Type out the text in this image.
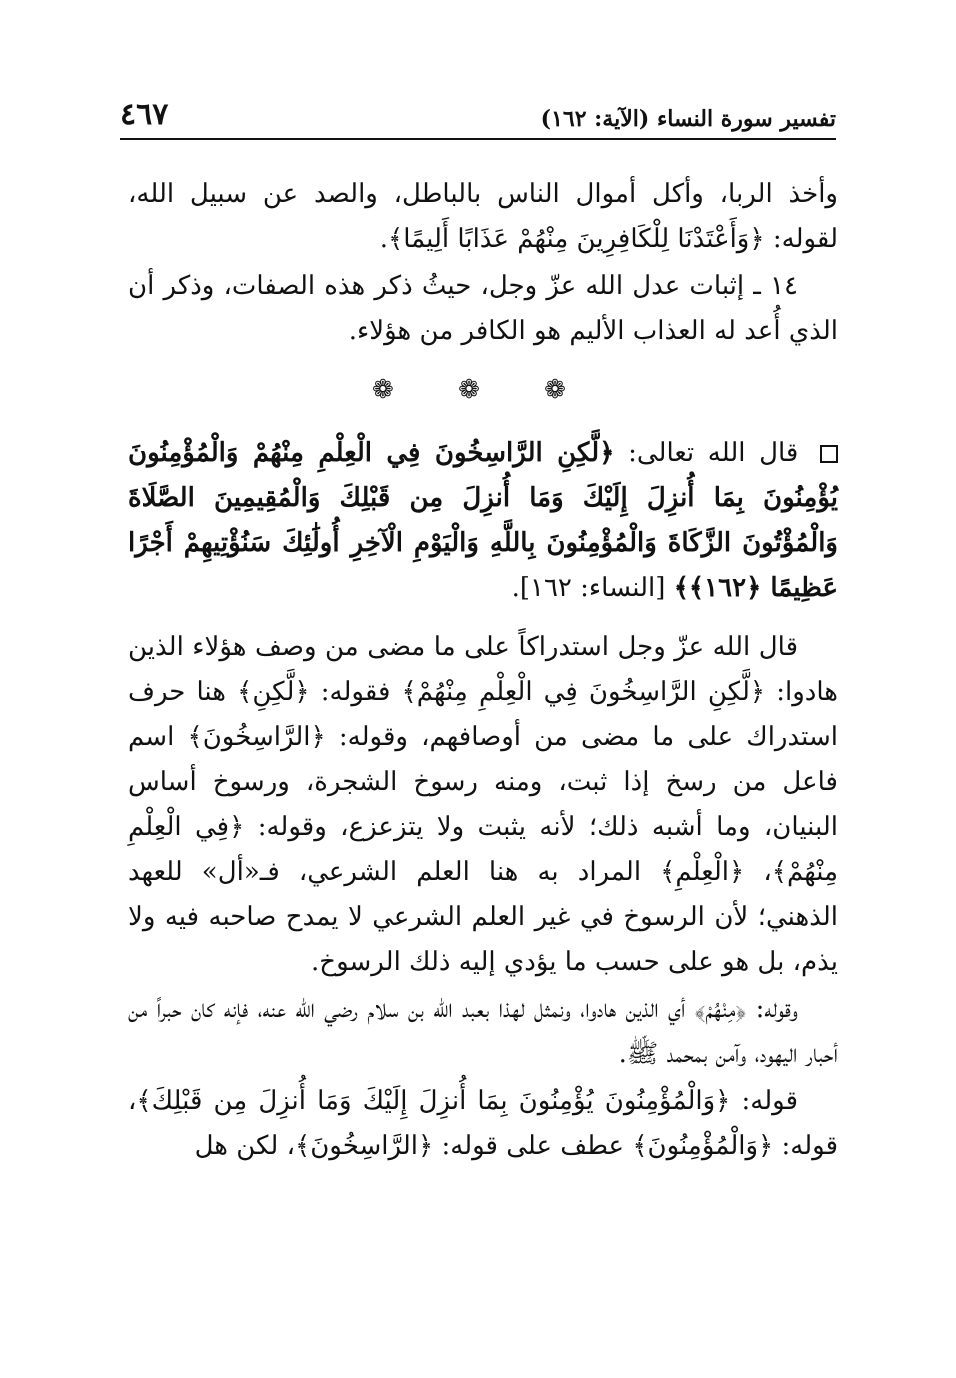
٤٦٧	تفسير سورة النساء (الآية: ١٦٢)

وأخذ الربا، وأكل أموال الناس بالباطل، والصد عن سبيل الله، لقوله: ﴿وَأَعْتَدْنَا لِلْكَافِرِينَ مِنْهُمْ عَذَابًا أَلِيمًا﴾.

١٤ ـ إثبات عدل الله عزّ وجل، حيثُ ذكر هذه الصفات، وذكر أن الذي أُعد له العذاب الأليم هو الكافر من هؤلاء.

❁ ❁ ❁

قال الله تعالى: ﴿لَّكِنِ الرَّاسِخُونَ فِي الْعِلْمِ مِنْهُمْ وَالْمُؤْمِنُونَ يُؤْمِنُونَ بِمَا أُنزِلَ إِلَيْكَ وَمَا أُنزِلَ مِن قَبْلِكَ وَالْمُقِيمِينَ الصَّلَاةَ وَالْمُؤْتُونَ الزَّكَاةَ وَالْمُؤْمِنُونَ بِاللَّهِ وَالْيَوْمِ الْآخِرِ أُولَٰئِكَ سَنُؤْتِيهِمْ أَجْرًا عَظِيمًا ﴿١٦٢﴾﴾ [النساء: ١٦٢].

قال الله عزّ وجل استدراكاً على ما مضى من وصف هؤلاء الذين هادوا: ﴿لَّكِنِ الرَّاسِخُونَ فِي الْعِلْمِ مِنْهُمْ﴾ فقوله: ﴿لَّكِنِ﴾ هنا حرف استدراك على ما مضى من أوصافهم، وقوله: ﴿الرَّاسِخُونَ﴾ اسم فاعل من رسخ إذا ثبت، ومنه رسوخ الشجرة، ورسوخ أساس البنيان، وما أشبه ذلك؛ لأنه يثبت ولا يتزعزع، وقوله: ﴿فِي الْعِلْمِ مِنْهُمْ﴾، ﴿الْعِلْمِ﴾ المراد به هنا العلم الشرعي، فـ«أل» للعهد الذهني؛ لأن الرسوخ في غير العلم الشرعي لا يمدح صاحبه فيه ولا يذم، بل هو على حسب ما يؤدي إليه ذلك الرسوخ.

وقوله: ﴿مِنْهُمْ﴾ أي الذين هادوا، ونمثل لهذا بعبد الله بن سلام رضي الله عنه، فإنه كان حبراً من أحبار اليهود، وآمن بمحمد ﷺ.

قوله: ﴿وَالْمُؤْمِنُونَ يُؤْمِنُونَ بِمَا أُنزِلَ إِلَيْكَ وَمَا أُنزِلَ مِن قَبْلِكَ﴾، قوله: ﴿وَالْمُؤْمِنُونَ﴾ عطف على قوله: ﴿الرَّاسِخُونَ﴾، لكن هل
